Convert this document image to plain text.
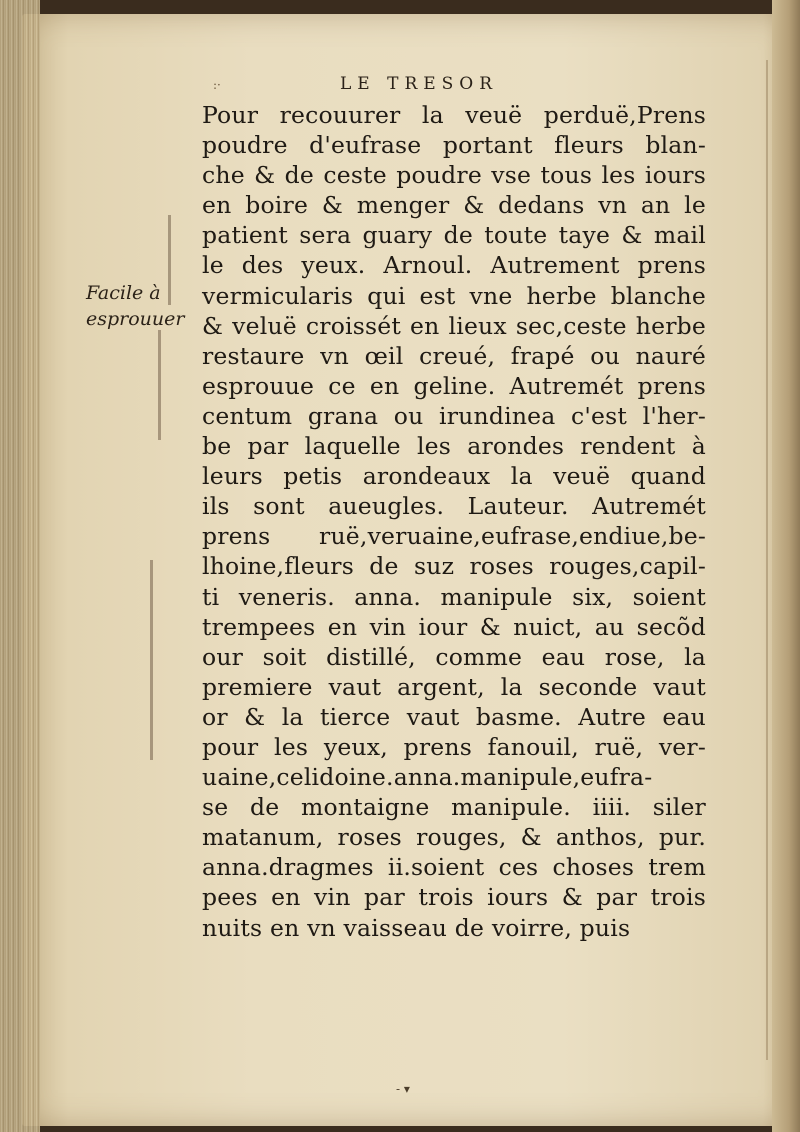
:·	LE TRESOR
Facile à
esprouuer
Pour recouurer la veuë perduë,Prens
poudre d'eufrase portant fleurs blan-
che & de ceste poudre vse tous les iours
en boire & menger & dedans vn an le
patient sera guary de toute taye & mail
le des yeux. Arnoul. Autrement prens
vermicularis qui est vne herbe blanche
& veluë croissét en lieux sec,ceste herbe
restaure vn œil creué, frapé ou nauré
esprouue ce en geline. Autremét prens
centum grana ou irundinea c'est l'her-
be par laquelle les arondes rendent à
leurs petis arondeaux la veuë quand
ils sont aueugles. Lauteur. Autremét
prens ruë,veruaine,eufrase,endiue,be-
lhoine,fleurs de suz roses rouges,capil-
ti veneris. anna. manipule six, soient
trempees en vin iour & nuict, au secõd
our soit distillé, comme eau rose, la
premiere vaut argent, la seconde vaut
or & la tierce vaut basme. Autre eau
pour les yeux, prens fanouil, ruë, ver-
uaine,celidoine.anna.manipule,eufra-
se de montaigne manipule. iiii. siler
matanum, roses rouges, & anthos, pur.
anna.dragmes ii.soient ces choses trem
pees en vin par trois iours & par trois
nuits en vn vaisseau de voirre, puis
- ▾
